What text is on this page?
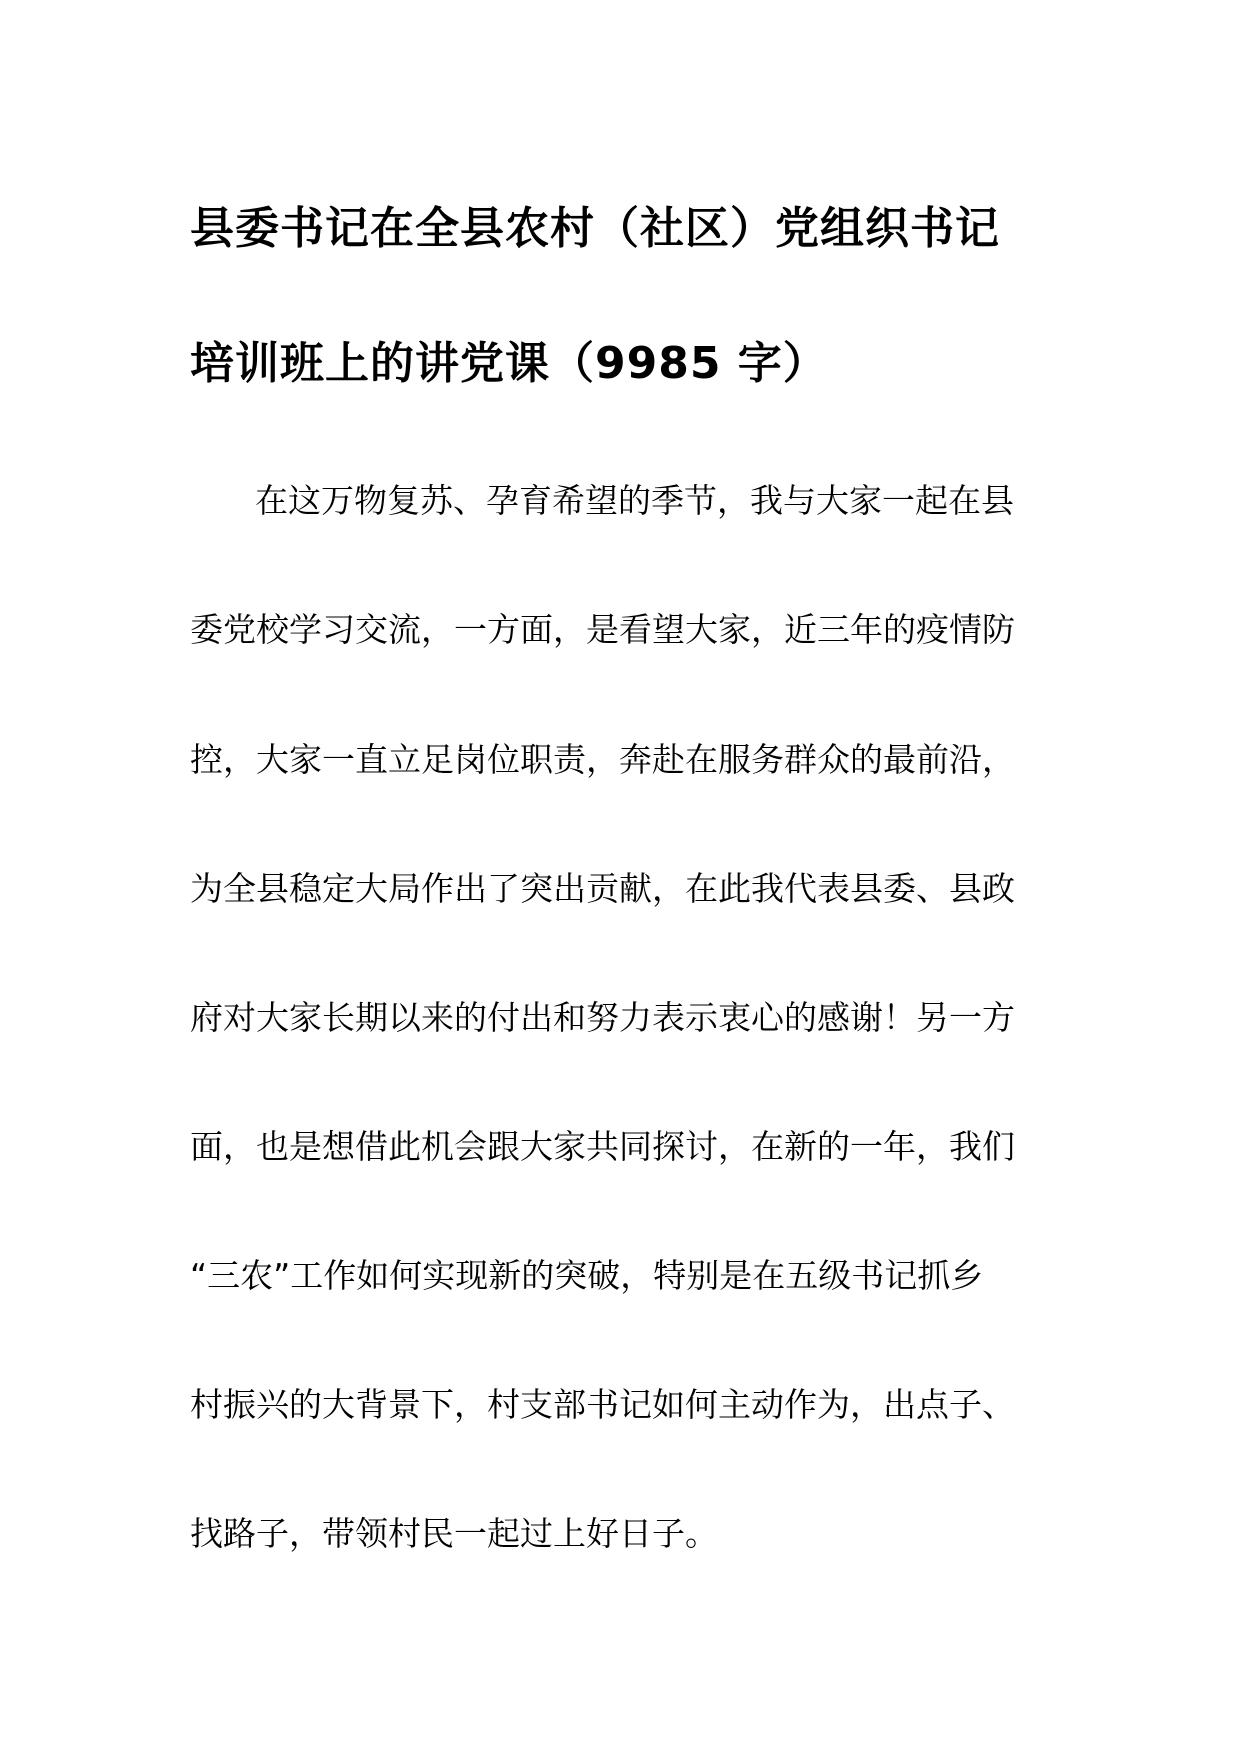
县委书记在全县农村（社区）党组织书记
培训班上的讲党课（9985 字）
在这万物复苏、孕育希望的季节，我与大家一起在县
委党校学习交流，一方面，是看望大家，近三年的疫情防
控，大家一直立足岗位职责，奔赴在服务群众的最前沿，
为全县稳定大局作出了突出贡献，在此我代表县委、县政
府对大家长期以来的付出和努力表示衷心的感谢！另一方
面，也是想借此机会跟大家共同探讨，在新的一年，我们
“三农”工作如何实现新的突破，特别是在五级书记抓乡
村振兴的大背景下，村支部书记如何主动作为，出点子、
找路子，带领村民一起过上好日子。
